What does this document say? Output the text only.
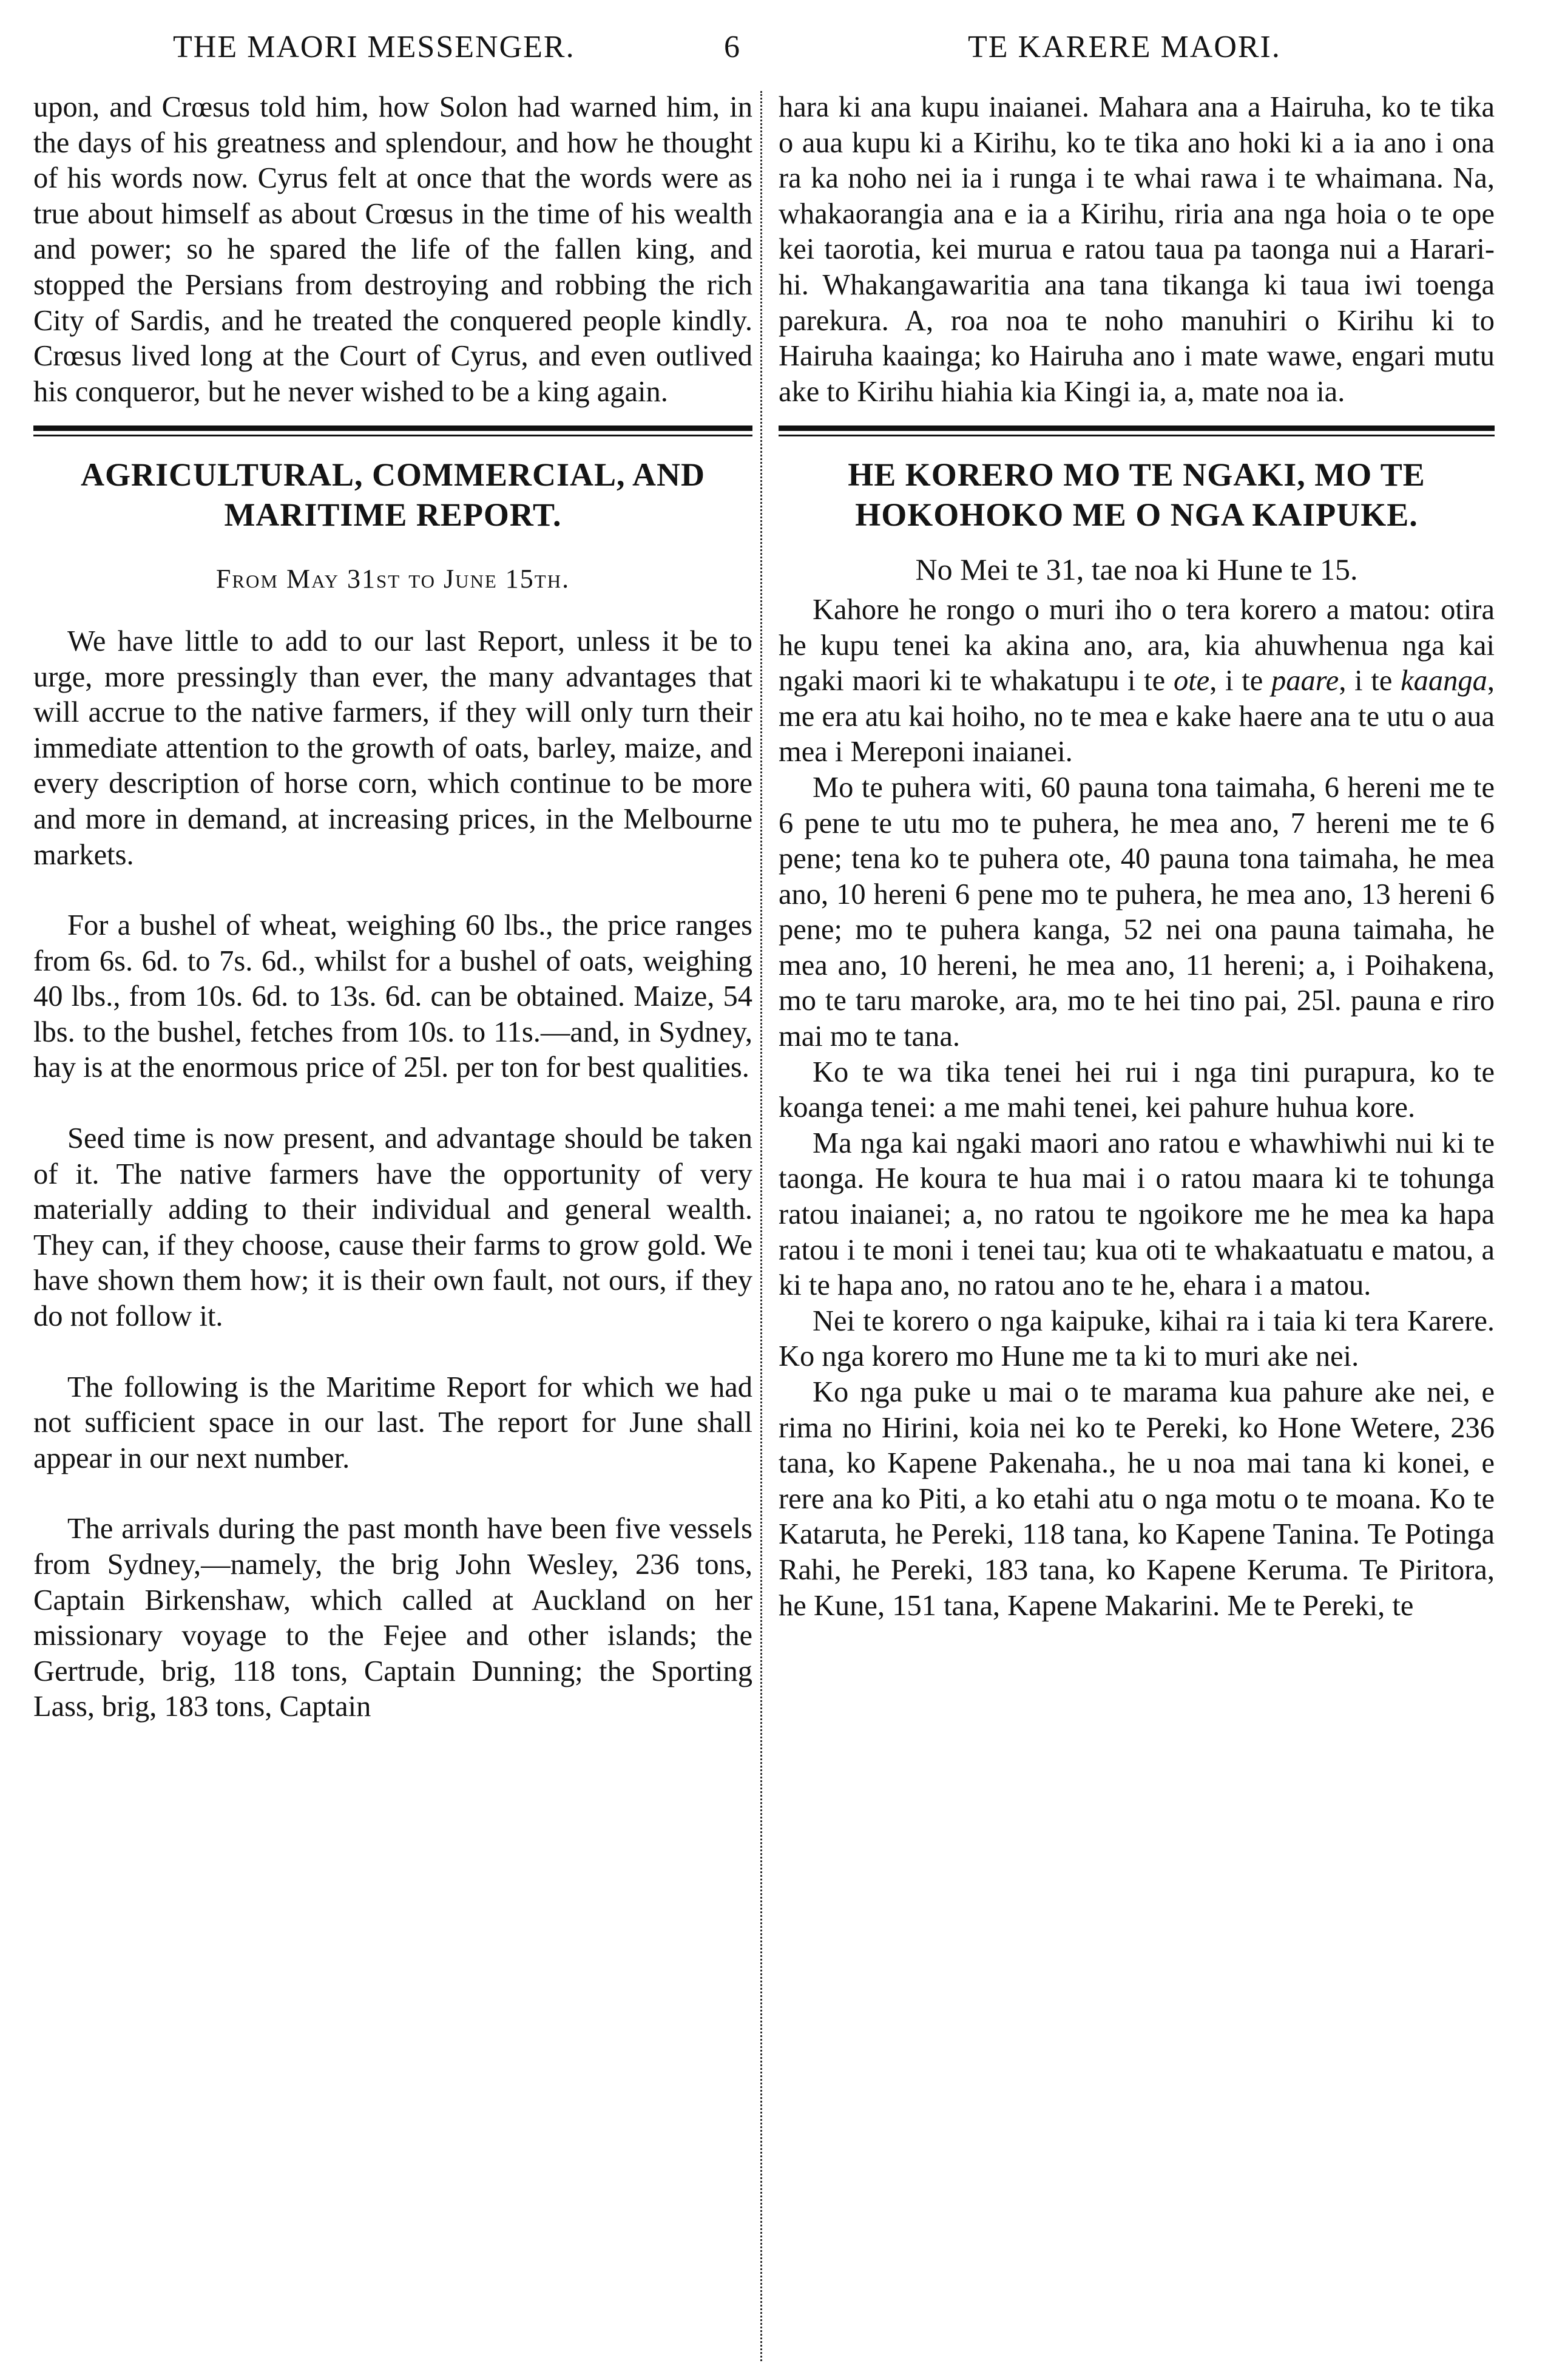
THE MAORI MESSENGER.	6	TE KARERE MAORI.

upon, and Crœsus told him, how Solon had warned him, in the days of his greatness and splendour, and how he thought of his words now. Cyrus felt at once that the words were as true about himself as about Crœsus in the time of his wealth and power; so he spared the life of the fallen king, and stopped the Persians from destroying and robbing the rich City of Sardis, and he treated the conquered people kindly. Crœsus lived long at the Court of Cyrus, and even outlived his conqueror, but he never wished to be a king again.

AGRICULTURAL, COMMERCIAL, AND MARITIME REPORT.

From May 31st to June 15th.

We have little to add to our last Report, unless it be to urge, more pressingly than ever, the many advantages that will accrue to the native farmers, if they will only turn their immediate attention to the growth of oats, barley, maize, and every description of horse corn, which continue to be more and more in demand, at increasing prices, in the Melbourne markets.

For a bushel of wheat, weighing 60 lbs., the price ranges from 6s. 6d. to 7s. 6d., whilst for a bushel of oats, weighing 40 lbs., from 10s. 6d. to 13s. 6d. can be obtained. Maize, 54 lbs. to the bushel, fetches from 10s. to 11s.—and, in Sydney, hay is at the enormous price of 25l. per ton for best qualities.

Seed time is now present, and advantage should be taken of it. The native farmers have the opportunity of very materially adding to their individual and general wealth. They can, if they choose, cause their farms to grow gold. We have shown them how; it is their own fault, not ours, if they do not follow it.

The following is the Maritime Report for which we had not sufficient space in our last. The report for June shall appear in our next number.

The arrivals during the past month have been five vessels from Sydney,—namely, the brig John Wesley, 236 tons, Captain Birkenshaw, which called at Auckland on her missionary voyage to the Fejee and other islands; the Gertrude, brig, 118 tons, Captain Dunning; the Sporting Lass, brig, 183 tons, Captain

hara ki ana kupu inaianei. Mahara ana a Hairuha, ko te tika o aua kupu ki a Kirihu, ko te tika ano hoki ki a ia ano i ona ra ka noho nei ia i runga i te whai rawa i te whaimana. Na, whakaorangia ana e ia a Kirihu, riria ana nga hoia o te ope kei taorotia, kei murua e ratou taua pa taonga nui a Harari-hi. Whakangawaritia ana tana tikanga ki taua iwi toenga parekura. A, roa noa te noho manuhiri o Kirihu ki to Hairuha kaainga; ko Hairuha ano i mate wawe, engari mutu ake to Kirihu hiahia kia Kingi ia, a, mate noa ia.

HE KORERO MO TE NGAKI, MO TE HOKOHOKO ME O NGA KAIPUKE.

No Mei te 31, tae noa ki Hune te 15.

Kahore he rongo o muri iho o tera korero a matou: otira he kupu tenei ka akina ano, ara, kia ahuwhenua nga kai ngaki maori ki te whakatupu i te ote, i te paare, i te kaanga, me era atu kai hoiho, no te mea e kake haere ana te utu o aua mea i Mereponi inaianei.

Mo te puhera witi, 60 pauna tona taimaha, 6 hereni me te 6 pene te utu mo te puhera, he mea ano, 7 hereni me te 6 pene; tena ko te puhera ote, 40 pauna tona taimaha, he mea ano, 10 hereni 6 pene mo te puhera, he mea ano, 13 hereni 6 pene; mo te puhera kanga, 52 nei ona pauna taimaha, he mea ano, 10 hereni, he mea ano, 11 hereni; a, i Poihakena, mo te taru maroke, ara, mo te hei tino pai, 25l. pauna e riro mai mo te tana.

Ko te wa tika tenei hei rui i nga tini purapura, ko te koanga tenei: a me mahi tenei, kei pahure huhua kore.

Ma nga kai ngaki maori ano ratou e whawhiwhi nui ki te taonga. He koura te hua mai i o ratou maara ki te tohunga ratou inaianei; a, no ratou te ngoikore me he mea ka hapa ratou i te moni i tenei tau; kua oti te whakaatuatu e matou, a ki te hapa ano, no ratou ano te he, ehara i a matou.

Nei te korero o nga kaipuke, kihai ra i taia ki tera Karere. Ko nga korero mo Hune me ta ki to muri ake nei.

Ko nga puke u mai o te marama kua pahure ake nei, e rima no Hirini, koia nei ko te Pereki, ko Hone Wetere, 236 tana, ko Kapene Pakenaha., he u noa mai tana ki konei, e rere ana ko Piti, a ko etahi atu o nga motu o te moana. Ko te Kataruta, he Pereki, 118 tana, ko Kapene Tanina. Te Potinga Rahi, he Pereki, 183 tana, ko Kapene Keruma. Te Piritora, he Kune, 151 tana, Kapene Makarini. Me te Pereki, te
